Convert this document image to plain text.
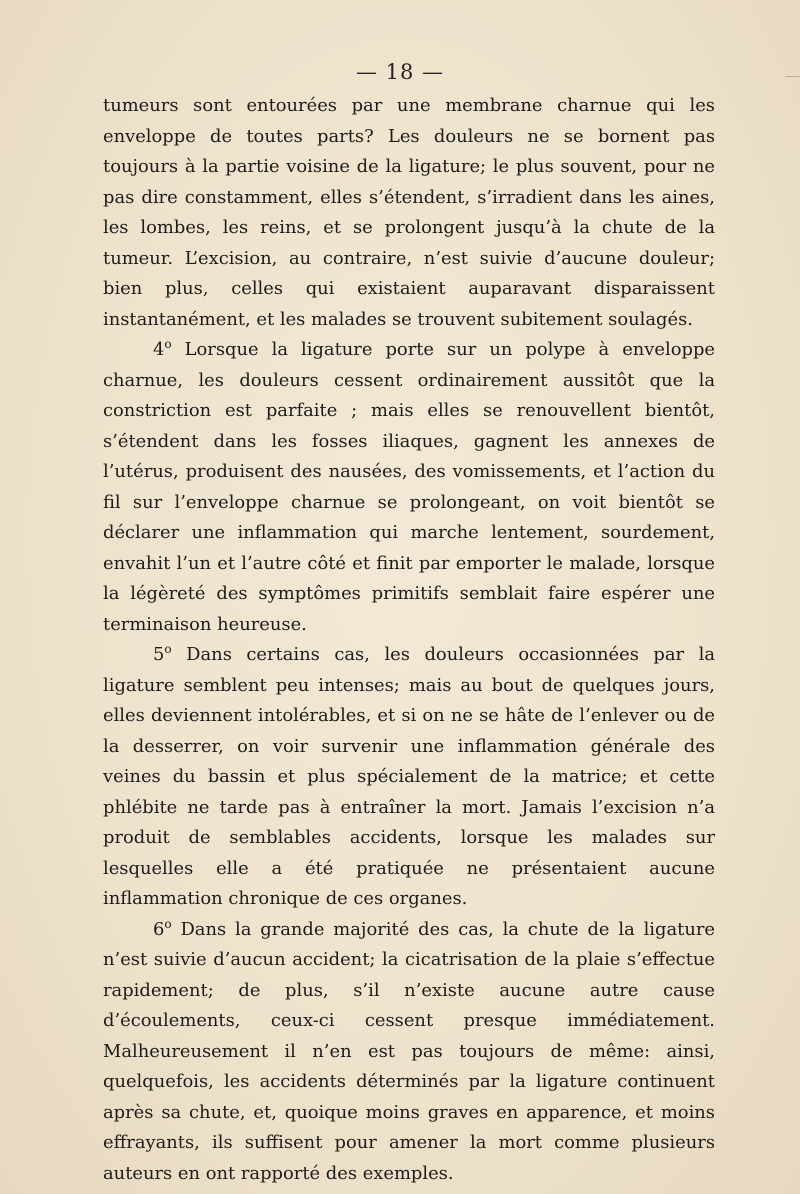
— 18 —

tumeurs sont entourées par une membrane charnue qui les enveloppe de toutes parts? Les douleurs ne se bornent pas toujours à la partie voisine de la ligature; le plus souvent, pour ne pas dire constamment, elles s’étendent, s’irradient dans les aines, les lombes, les reins, et se prolongent jusqu’à la chute de la tumeur. L’excision, au contraire, n’est suivie d’aucune douleur; bien plus, celles qui existaient auparavant disparaissent instantanément, et les malades se trouvent subitement soulagés.

4$^o$ Lorsque la ligature porte sur un polype à enveloppe charnue, les douleurs cessent ordinairement aussitôt que la constriction est parfaite ; mais elles se renouvellent bientôt, s’étendent dans les fosses iliaques, gagnent les annexes de l’utérus, produisent des nausées, des vomissements, et l’action du fil sur l’enveloppe charnue se prolongeant, on voit bientôt se déclarer une inflammation qui marche lentement, sourdement, envahit l’un et l’autre côté et finit par emporter le malade, lorsque la légèreté des symptômes primitifs semblait faire espérer une terminaison heureuse.

5$^o$ Dans certains cas, les douleurs occasionnées par la ligature semblent peu intenses; mais au bout de quelques jours, elles deviennent intolérables, et si on ne se hâte de l’enlever ou de la desserrer, on voir survenir une inflammation générale des veines du bassin et plus spécialement de la matrice; et cette phlébite ne tarde pas à entraîner la mort. Jamais l’excision n’a produit de semblables accidents, lorsque les malades sur lesquelles elle a été pratiquée ne présentaient aucune inflammation chronique de ces organes.

6$^o$ Dans la grande majorité des cas, la chute de la ligature n’est suivie d’aucun accident; la cicatrisation de la plaie s’effectue rapidement; de plus, s’il n’existe aucune autre cause d’écoulements, ceux-ci cessent presque immédiatement. Malheureusement il n’en est pas toujours de même: ainsi, quelquefois, les accidents déterminés par la ligature continuent après sa chute, et, quoique moins graves en apparence, et moins effrayants, ils suffisent pour amener la mort comme plusieurs auteurs en ont rapporté des exemples.
